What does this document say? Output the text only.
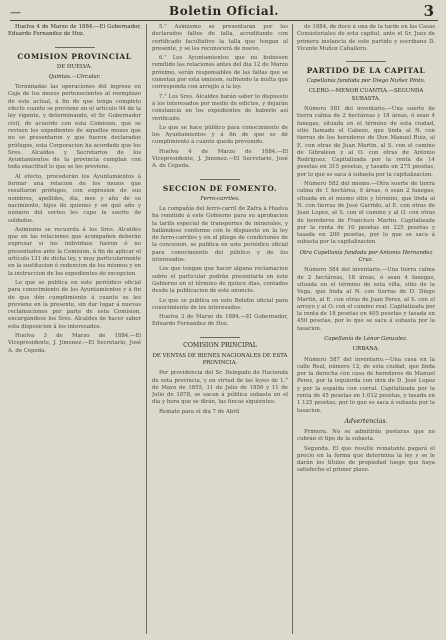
—	Boletin Oficial.	3

Huelva 4 de Marzo de 1884.—El Gobernador, Eduardo Fernandez de Hoz.

COMISION PROVINCIAL
DE HUELVA.
Quintas.—Circular.

Terminadas las operaciones del ingreso en Caja de los mozos pertenecientes al reemplazo de este actual, á fin de que tenga completo efecto cuanto se previene en el artículo 94 de la ley vigente, y determinando, el Sr. Gobernador civil, de acuerdo con esta Comision, que se revisen los expedientes de aquellos mozos que no se presentaron y que fueron declarados prófugos, esta Corporacion ha acordado que los Sres. Alcaldes y Secretarios de los Ayuntamientos de la provincia cumplan con toda exactitud lo que se les previene.

Al efecto, procederán los Ayuntamientos á formar una relacion de los mozos que resultaron prófugos, con expresion de sus nombres, apellidos, dia, mes y año de su nacimiento, hijos de quienes y en qué año y número del sorteo les cupo la suerte de soldados.

Asimismo se recuerda á los Sres. Alcaldes que en las relaciones que acompañen deberán expresar si los individuos fueron ó no presentados ante la Comision, á fin de aplicar el artículo 131 de dicha ley, y muy particularmente en la sustitucion ó redencion de los mismos y en la instruccion de los expedientes de excepcion.

Lo que se publica en este periódico oficial para conocimiento de los Ayuntamientos y á fin de que dén cumplimiento á cuanto se les previene en la presente, sin dar lugar á nuevas reclamaciones por parte de esta Comision, encargándose los Sres. Alcaldes de hacer saber esta disposicion á los interesados.

Huelva 3 de Marzo de 1884.—El Vicepresidente, J. Jimenez.—El Secretario, José A. de Cepeda.

5.° Asimismo se presentarán por los declarados faltos de talla, acreditando con certificado facultativo la talla que tengan al presente, y se les reconocerá de nuevo.

6.° Los Ayuntamientos que no hubiesen remitido las relaciones antes del dia 12 de Marzo próximo, serán responsables de las faltas que se cometan por esta omision, sufriendo la multa que corresponda con arreglo á la ley.

7.° Los Sres. Alcaldes harán saber lo dispuesto á los interesados por medio de edictos, y dejarán constancia en los expedientes de haberlo así verificado.

Lo que se hace público para conocimiento de los Ayuntamientos y á fin de que se dé cumplimiento á cuanto queda prevenido.

Huelva 4 de Marzo de 1884.—El Vicepresidente, J. Jimenez.—El Secretario, José A. de Cepeda.

SECCION DE FOMENTO.
Ferro-carriles.

La compañía del ferro-carril de Zafra á Huelva ha remitido á este Gobierno para su aprobacion la tarifa especial de transportes de minerales, y hallándose conforme con lo dispuesto en la ley de ferro-carriles y en el pliego de condiciones de la concesion, se publica en este periódico oficial para conocimiento del público y de los interesados.

Los que tengan que hacer alguna reclamacion sobre el particular podrán presentarla en este Gobierno en el término de quince dias, contados desde la publicacion de este anuncio.

Lo que se publica en este Boletin oficial para conocimiento de los interesados.

Huelva 3 de Marzo de 1884.—El Gobernador, Eduardo Fernandez de Hoz.

COMISION PRINCIPAL
DE VENTAS DE BIENES NACIONALES DE ESTA PROVINCIA.

Por providencia del Sr. Delegado de Hacienda de esta provincia, y en virtud de las leyes de 1.° de Mayo de 1855, 11 de Julio de 1856 y 11 de Julio de 1878, se sacan á pública subasta en el dia y hora que se dirán, las fincas siguientes:

Remate para el dia 7 de Abril

de 1884, de doce á una de la tarde en las Casas Consistoriales de esta capital, ante el Sr. Juez de primera instancia de este partido y escribano D. Vicente Muñoz Caballero.

PARTIDO DE LA CAPITAL
Capellanía fundada por Diego Nuñez Pinto.
CLERO.—MENOR CUANTIA.—SEGUNDA SUBASTA.

Número 581 del inventario.—Una suerte de tierra calma de 2 hectáreas y 18 áreas, ó sean 4 fanegas, situada en el término de esta ciudad, sitio llamado el Cabezo, que linda al N. con tierras de los herederos de Don Manuel Ruiz, al E. con otras de Juan Martin, al S. con el camino de Gibraleon y al O. con otras de Antonio Rodriguez. Capitalizada por la renta de 14 pesetas en 315 pesetas, y tasada en 275 pesetas, por lo que se saca á subasta por la capitalizacion.

Número 582 del mismo.—Otra suerte de tierra calma de 1 hectárea, 9 áreas, ó sean 2 fanegas, situada en el mismo sitio y término, que linda al N. con tierras de José Garrido, al E. con otras de Juan Lopez, al S. con el camino y al O. con otras de herederos de Francisco Martin. Capitalizada por la renta de 10 pesetas en 225 pesetas y tasada en 200 pesetas, por lo que se saca á subasta por la capitalizacion.

Otra Capellanía fundada por Antonio Hernandez Cruz.

Número 584 del inventario.—Una tierra calma de 2 hectáreas, 18 áreas, ó sean 4 fanegas, situada en el término de esta villa, sitio de la Vega, que linda al N. con tierras de D. Diego Martin, al E. con otras de Juan Perez, al S. con el arroyo y al O. con el camino real. Capitalizada por la renta de 18 pesetas en 405 pesetas y tasada en 450 pesetas, por lo que se saca á subasta por la tasacion.

Capellanía de Lénor Gonzalez.
URBANA.

Número 587 del inventario.—Una casa en la calle Real, número 12, de esta ciudad, que linda por la derecha con casa de herederos de Manuel Perez, por la izquierda con otra de D. José Lopez y por la espalda con corral. Capitalizada por la renta de 45 pesetas en 1.012 pesetas, y tasada en 1.125 pesetas, por lo que se saca á subasta por la tasacion.

Advertencias.

Primera. No se admitirán posturas que no cubran el tipo de la subasta.

Segunda. El que resulte rematante pagará el precio en la forma que determina la ley y se le darán los títulos de propiedad luego que haya satisfecho el primer plazo.
